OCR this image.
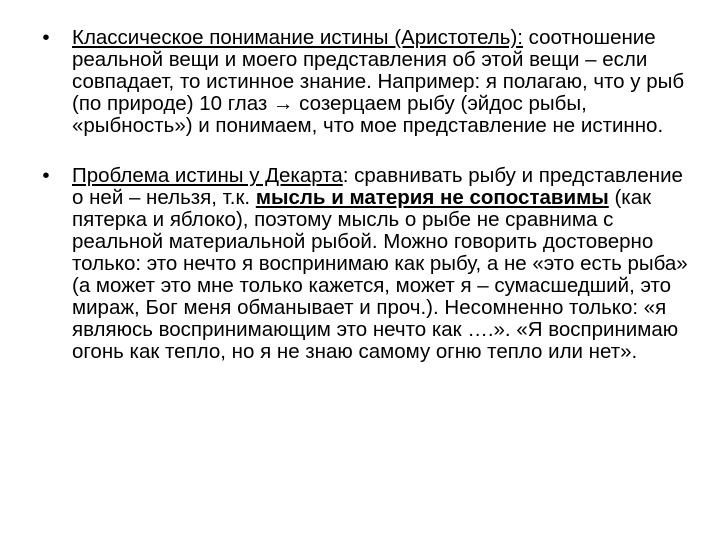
•	Классическое понимание истины (Аристотель): соотношение реальной вещи и моего представления об этой вещи – если совпадает, то истинное знание. Например: я полагаю, что у рыб (по природе) 10 глаз → созерцаем рыбу (эйдос рыбы, «рыбность») и понимаем, что мое представление не истинно.
•	Проблема истины у Декарта: сравнивать рыбу и представление о ней – нельзя, т.к. мысль и материя не сопоставимы (как пятерка и яблоко), поэтому мысль о рыбе не сравнима с реальной материальной рыбой. Можно говорить достоверно только: это нечто я воспринимаю как рыбу, а не «это есть рыба» (а может это мне только кажется, может я – сумасшедший, это мираж, Бог меня обманывает и проч.). Несомненно только: «я являюсь воспринимающим это нечто как ….». «Я воспринимаю огонь как тепло, но я не знаю самому огню тепло или нет».
